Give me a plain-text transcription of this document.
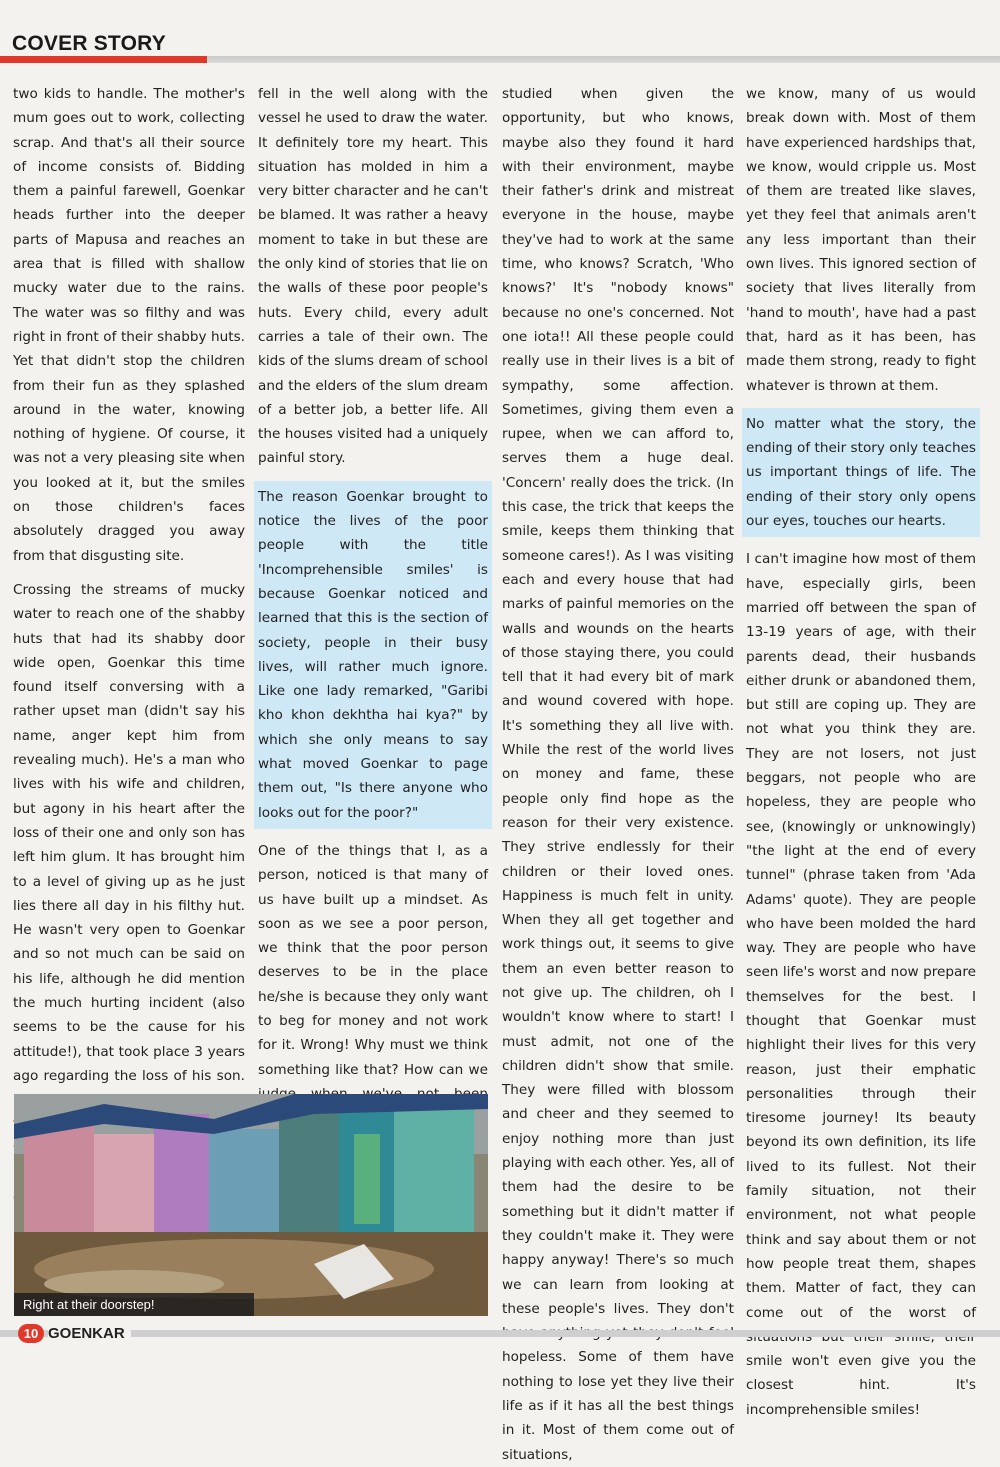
COVER STORY

two kids to handle. The mother's mum goes out to work, collecting scrap. And that's all their source of income consists of. Bidding them a painful farewell, Goenkar heads further into the deeper parts of Mapusa and reaches an area that is filled with shallow mucky water due to the rains. The water was so filthy and was right in front of their shabby huts. Yet that didn't stop the children from their fun as they splashed around in the water, knowing nothing of hygiene. Of course, it was not a very pleasing site when you looked at it, but the smiles on those children's faces absolutely dragged you away from that disgusting site.

Crossing the streams of mucky water to reach one of the shabby huts that had its shabby door wide open, Goenkar this time found itself conversing with a rather upset man (didn't say his name, anger kept him from revealing much). He's a man who lives with his wife and children, but agony in his heart after the loss of their one and only son has left him glum. It has brought him to a level of giving up as he just lies there all day in his filthy hut. He wasn't very open to Goenkar and so not much can be said on his life, although he did mention the much hurting incident (also seems to be the cause for his attitude!), that took place 3 years ago regarding the loss of his son.

fell in the well along with the vessel he used to draw the water. It definitely tore my heart. This situation has molded in him a very bitter character and he can't be blamed. It was rather a heavy moment to take in but these are the only kind of stories that lie on the walls of these poor people's huts. Every child, every adult carries a tale of their own. The kids of the slums dream of school and the elders of the slum dream of a better job, a better life. All the houses visited had a uniquely painful story.

The reason Goenkar brought to notice the lives of the poor people with the title 'Incomprehensible smiles' is because Goenkar noticed and learned that this is the section of society, people in their busy lives, will rather much ignore. Like one lady remarked, "Garibi kho khon dekhtha hai kya?" by which she only means to say what moved Goenkar to page them out, "Is there anyone who looks out for the poor?"

One of the things that I, as a person, noticed is that many of us have built up a mindset. As soon as we see a poor person, we think that the poor person deserves to be in the place he/she is because they only want to beg for money and not work for it. Wrong! Why must we think something like that? How can we

studied when given the opportunity, but who knows, maybe also they found it hard with their environment, maybe their father's drink and mistreat everyone in the house, maybe they've had to work at the same time, who knows? Scratch, 'Who knows?' It's "nobody knows" because no one's concerned. Not one iota!! All these people could really use in their lives is a bit of sympathy, some affection. Sometimes, giving them even a rupee, when we can afford to, serves them a huge deal. 'Concern' really does the trick. (In this case, the trick that keeps the smile, keeps them thinking that someone cares!). As I was visiting each and every house that had marks of painful memories on the walls and wounds on the hearts of those staying there, you could tell that it had every bit of mark and wound covered with hope. It's something they all live with. While the rest of the world lives on money and fame, these people only find hope as the reason for their very existence. They strive endlessly for their children or their loved ones. Happiness is much felt in unity. When they all get together and work things out, it seems to give them an even better reason to not give up. The children, oh I wouldn't know where to start! I must admit, not one of the children didn't show that smile. They were filled with blossom and cheer and they seemed to enjoy nothing more than just playing with each other. Yes, all of them had the desire to be something but it didn't matter if they couldn't make it. They were happy anyway! There's so much we can learn from looking at these people's lives. They don't hopeless. Some of them have nothing to lose yet they live their life as if it has all the best things in it. Most of them come out of situations,

we know, many of us would break down with. Most of them have experienced hardships that, we know, would cripple us. Most of them are treated like slaves, yet they feel that animals aren't any less important than their own lives. This ignored section of society that lives literally from 'hand to mouth', have had a past that, hard as it has been, has made them strong, ready to fight whatever is thrown at them.

No matter what the story, the ending of their story only teaches us important things of life. The ending of their story only opens our eyes, touches our hearts.

I can't imagine how most of them have, especially girls, been married off between the span of 13-19 years of age, with their parents dead, their husbands either drunk or abandoned them, but still are coping up. They are not what you think they are. They are not losers, not just beggars, not people who are hopeless, they are people who see, (knowingly or unknowingly) "the light at the end of every tunnel" (phrase taken from 'Ada Adams' quote). They are people who have been molded the hard way. They are people who have seen life's worst and now prepare themselves for the best. I thought that Goenkar must highlight their lives for this very reason, just their emphatic personalities through their tiresome journey! Its beauty beyond its own definition, its life lived to its fullest. Not their family situation, not their environment, not what people think and say about them or not how people treat them, shapes them. Matter of fact, they can come out of the worst of smile won't even give you the closest hint. It's incomprehensible smiles!

Right at their doorstep!
10 GOENKAR
